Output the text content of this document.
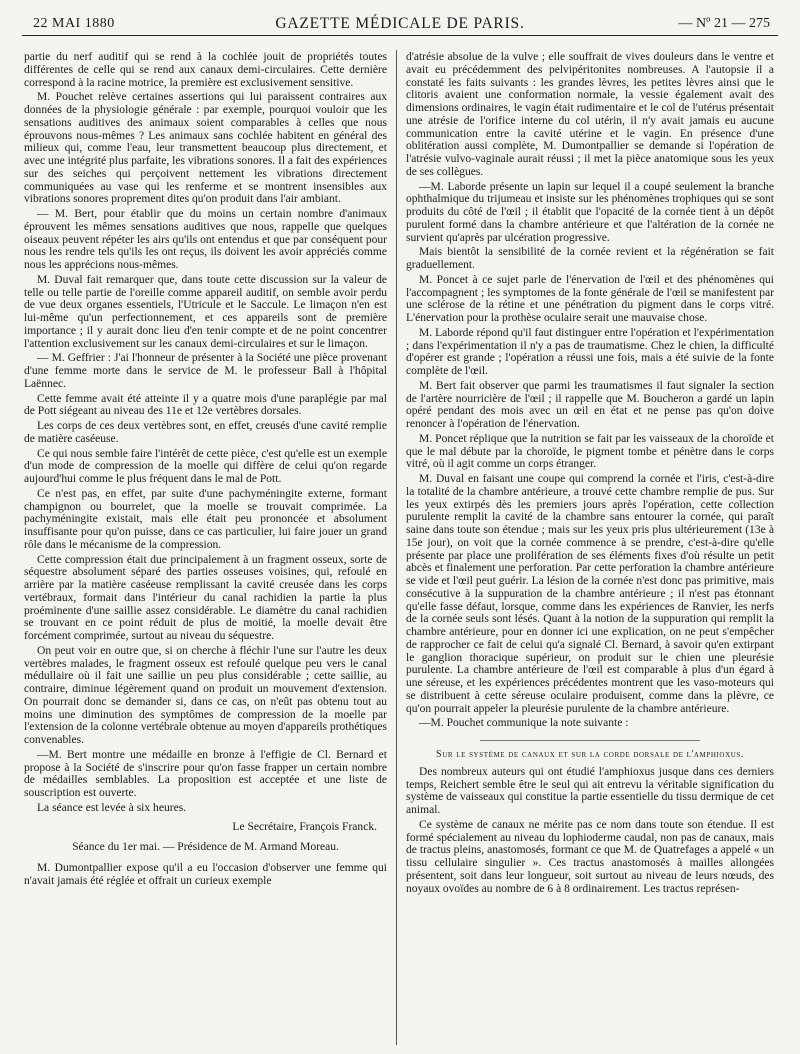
22 MAI 1880	GAZETTE MÉDICALE DE PARIS.	— Nº 21 — 275

partie du nerf auditif qui se rend à la cochlée jouit de propriétés toutes différentes de celle qui se rend aux canaux demi-circulaires. Cette dernière correspond à la racine motrice, la première est exclusivement sensitive.

M. Pouchet relève certaines assertions qui lui paraissent contraires aux données de la physiologie générale : par exemple, pourquoi vouloir que les sensations auditives des animaux soient comparables à celles que nous éprouvons nous-mêmes ? Les animaux sans cochlée habitent en général des milieux qui, comme l'eau, leur transmettent beaucoup plus directement, et avec une intégrité plus parfaite, les vibrations sonores. Il a fait des expériences sur des seiches qui perçoivent nettement les vibrations directement communiquées au vase qui les renferme et se montrent insensibles aux vibrations sonores proprement dites qu'on produit dans l'air ambiant.

— M. Bert, pour établir que du moins un certain nombre d'animaux éprouvent les mêmes sensations auditives que nous, rappelle que quelques oiseaux peuvent répéter les airs qu'ils ont entendus et que par conséquent pour nous les rendre tels qu'ils les ont reçus, ils doivent les avoir appréciés comme nous les apprécions nous-mêmes.

M. Duval fait remarquer que, dans toute cette discussion sur la valeur de telle ou telle partie de l'oreille comme appareil auditif, on semble avoir perdu de vue deux organes essentiels, l'Utricule et le Saccule. Le limaçon n'en est lui-même qu'un perfectionnement, et ces appareils sont de première importance ; il y aurait donc lieu d'en tenir compte et de ne point concentrer l'attention exclusivement sur les canaux demi-circulaires et sur le limaçon.

— M. Geffrier : J'ai l'honneur de présenter à la Société une pièce provenant d'une femme morte dans le service de M. le professeur Ball à l'hôpital Laënnec.

Cette femme avait été atteinte il y a quatre mois d'une paraplégie par mal de Pott siégeant au niveau des 11e et 12e vertèbres dorsales.

Les corps de ces deux vertèbres sont, en effet, creusés d'une cavité remplie de matière caséeuse.

Ce qui nous semble faire l'intérêt de cette pièce, c'est qu'elle est un exemple d'un mode de compression de la moelle qui diffère de celui qu'on regarde aujourd'hui comme le plus fréquent dans le mal de Pott.

Ce n'est pas, en effet, par suite d'une pachyméningite externe, formant champignon ou bourrelet, que la moelle se trouvait comprimée. La pachyméningite existait, mais elle était peu prononcée et absolument insuffisante pour qu'on puisse, dans ce cas particulier, lui faire jouer un grand rôle dans le mécanisme de la compression.

Cette compression était due principalement à un fragment osseux, sorte de séquestre absolument séparé des parties osseuses voisines, qui, refoulé en arrière par la matière caséeuse remplissant la cavité creusée dans les corps vertébraux, formait dans l'intérieur du canal rachidien la partie la plus proéminente d'une saillie assez considérable. Le diamètre du canal rachidien se trouvant en ce point réduit de plus de moitié, la moelle devait être forcément comprimée, surtout au niveau du séquestre.

On peut voir en outre que, si on cherche à fléchir l'une sur l'autre les deux vertèbres malades, le fragment osseux est refoulé quelque peu vers le canal médullaire où il fait une saillie un peu plus considérable ; cette saillie, au contraire, diminue légèrement quand on produit un mouvement d'extension. On pourrait donc se demander si, dans ce cas, on n'eût pas obtenu tout au moins une diminution des symptômes de compression de la moelle par l'extension de la colonne vertébrale obtenue au moyen d'appareils prothétiques convenables.

—M. Bert montre une médaille en bronze à l'effigie de Cl. Bernard et propose à la Société de s'inscrire pour qu'on fasse frapper un certain nombre de médailles semblables. La proposition est acceptée et une liste de souscription est ouverte.

La séance est levée à six heures.

Le Secrétaire, François Franck.

Séance du 1er mai. — Présidence de M. Armand Moreau.

M. Dumontpallier expose qu'il a eu l'occasion d'observer une femme qui n'avait jamais été réglée et offrait un curieux exemple

d'atrésie absolue de la vulve ; elle souffrait de vives douleurs dans le ventre et avait eu précédemment des pelvipéritonites nombreuses. A l'autopsie il a constaté les faits suivants : les grandes lèvres, les petites lèvres ainsi que le clitoris avaient une conformation normale, la vessie également avait des dimensions ordinaires, le vagin était rudimentaire et le col de l'utérus présentait une atrésie de l'orifice interne du col utérin, il n'y avait jamais eu aucune communication entre la cavité utérine et le vagin. En présence d'une oblitération aussi complète, M. Dumontpallier se demande si l'opération de l'atrésie vulvo-vaginale aurait réussi ; il met la pièce anatomique sous les yeux de ses collègues.

—M. Laborde présente un lapin sur lequel il a coupé seulement la branche ophthalmique du trijumeau et insiste sur les phénomènes trophiques qui se sont produits du côté de l'œil ; il établit que l'opacité de la cornée tient à un dépôt purulent formé dans la chambre antérieure et que l'altération de la cornée ne survient qu'après par ulcération progressive.

Mais bientôt la sensibilité de la cornée revient et la régénération se fait graduellement.

M. Poncet à ce sujet parle de l'énervation de l'œil et des phénomènes qui l'accompagnent ; les symptomes de la fonte générale de l'œil se manifestent par une sclérose de la rétine et une pénétration du pigment dans le corps vitré. L'énervation pour la prothèse oculaire serait une mauvaise chose.

M. Laborde répond qu'il faut distinguer entre l'opération et l'expérimentation ; dans l'expérimentation il n'y a pas de traumatisme. Chez le chien, la difficulté d'opérer est grande ; l'opération a réussi une fois, mais a été suivie de la fonte complète de l'œil.

M. Bert fait observer que parmi les traumatismes il faut signaler la section de l'artère nourricière de l'œil ; il rappelle que M. Boucheron a gardé un lapin opéré pendant des mois avec un œil en état et ne pense pas qu'on doive renoncer à l'opération de l'énervation.

M. Poncet réplique que la nutrition se fait par les vaisseaux de la choroïde et que le mal débute par la choroïde, le pigment tombe et pénètre dans le corps vitré, où il agit comme un corps étranger.

M. Duval en faisant une coupe qui comprend la cornée et l'iris, c'est-à-dire la totalité de la chambre antérieure, a trouvé cette chambre remplie de pus. Sur les yeux extirpés dès les premiers jours après l'opération, cette collection purulente remplit la cavité de la chambre sans entourer la cornée, qui paraît saine dans toute son étendue ; mais sur les yeux pris plus ultérieurement (13e à 15e jour), on voit que la cornée commence à se prendre, c'est-à-dire qu'elle présente par place une prolifération de ses éléments fixes d'où résulte un petit abcès et finalement une perforation. Par cette perforation la chambre antérieure se vide et l'œil peut guérir. La lésion de la cornée n'est donc pas primitive, mais consécutive à la suppuration de la chambre antérieure ; il n'est pas étonnant qu'elle fasse défaut, lorsque, comme dans les expériences de Ranvier, les nerfs de la cornée seuls sont lésés. Quant à la notion de la suppuration qui remplit la chambre antérieure, pour en donner ici une explication, on ne peut s'empêcher de rapprocher ce fait de celui qu'a signalé Cl. Bernard, à savoir qu'en extirpant le ganglion thoracique supérieur, on produit sur le chien une pleurésie purulente. La chambre antérieure de l'œil est comparable à plus d'un égard à une séreuse, et les expériences précédentes montrent que les vaso-moteurs qui se distribuent à cette séreuse oculaire produisent, comme dans la plèvre, ce qu'on pourrait appeler la pleurésie purulente de la chambre antérieure.

—M. Pouchet communique la note suivante :

Sur le système de canaux et sur la corde dorsale de l'amphioxus.

Des nombreux auteurs qui ont étudié l'amphioxus jusque dans ces derniers temps, Reichert semble être le seul qui ait entrevu la véritable signification du système de vaisseaux qui constitue la partie essentielle du tissu dermique de cet animal.

Ce système de canaux ne mérite pas ce nom dans toute son étendue. Il est formé spécialement au niveau du lophioderme caudal, non pas de canaux, mais de tractus pleins, anastomosés, formant ce que M. de Quatrefages a appelé « un tissu cellulaire singulier ». Ces tractus anastomosés à mailles allongées présentent, soit dans leur longueur, soit surtout au niveau de leurs nœuds, des noyaux ovoïdes au nombre de 6 à 8 ordinairement. Les tractus représen-
